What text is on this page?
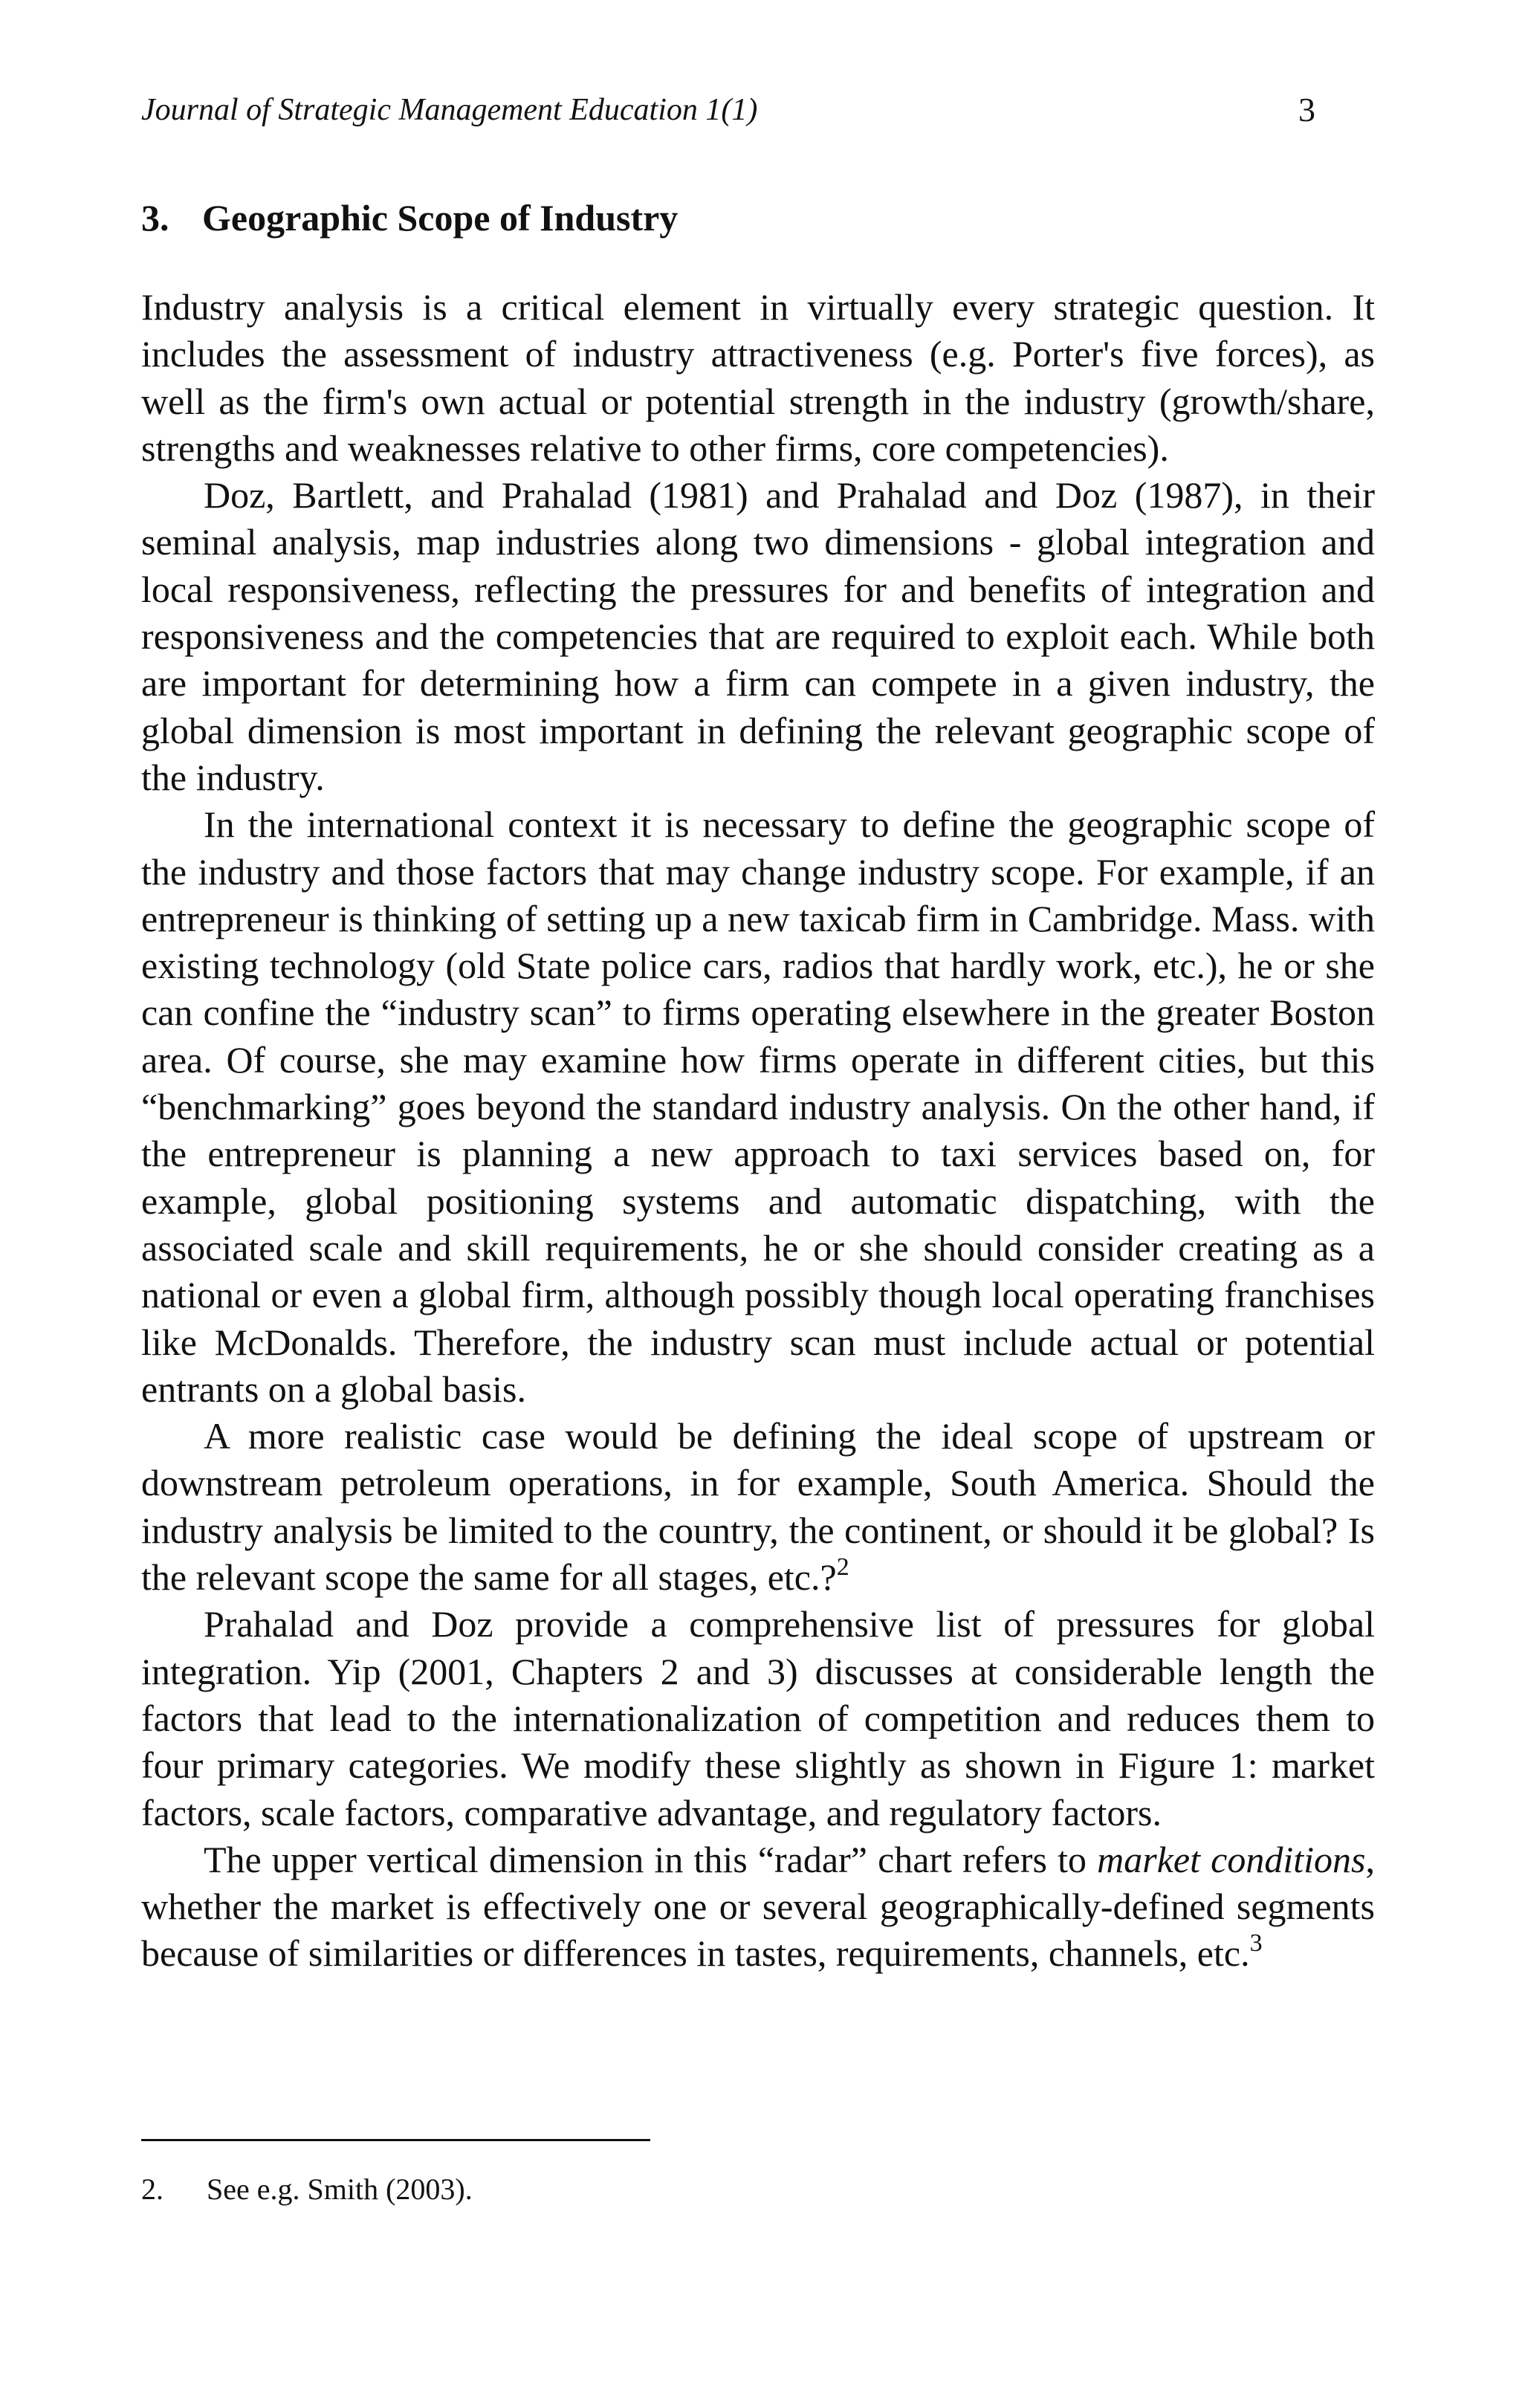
Journal of Strategic Management Education 1(1)	3
3. Geographic Scope of Industry

Industry analysis is a critical element in virtually every strategic question. It includes the assessment of industry attractiveness (e.g. Porter's five forces), as well as the firm's own actual or potential strength in the industry (growth/share, strengths and weaknesses relative to other firms, core competencies).

Doz, Bartlett, and Prahalad (1981) and Prahalad and Doz (1987), in their seminal analysis, map industries along two dimensions - global integration and local responsiveness, reflecting the pressures for and benefits of integration and responsiveness and the competencies that are required to exploit each. While both are important for determining how a firm can compete in a given industry, the global dimension is most important in defining the relevant geographic scope of the industry.

In the international context it is necessary to define the geographic scope of the industry and those factors that may change industry scope. For example, if an entrepreneur is thinking of setting up a new taxicab firm in Cambridge. Mass. with existing technology (old State police cars, radios that hardly work, etc.), he or she can confine the “industry scan” to firms operating elsewhere in the greater Boston area. Of course, she may examine how firms operate in different cities, but this “benchmarking” goes beyond the standard industry analysis. On the other hand, if the entrepreneur is planning a new approach to taxi services based on, for example, global positioning systems and automatic dispatching, with the associated scale and skill requirements, he or she should consider creating as a national or even a global firm, although possibly though local operating franchises like McDonalds. Therefore, the industry scan must include actual or potential entrants on a global basis.

A more realistic case would be defining the ideal scope of upstream or downstream petroleum operations, in for example, South America. Should the industry analysis be limited to the country, the continent, or should it be global? Is the relevant scope the same for all stages, etc.?$^2$

Prahalad and Doz provide a comprehensive list of pressures for global integration. Yip (2001, Chapters 2 and 3) discusses at considerable length the factors that lead to the internationalization of competition and reduces them to four primary categories. We modify these slightly as shown in Figure 1: market factors, scale factors, comparative advantage, and regulatory factors.

The upper vertical dimension in this “radar” chart refers to market conditions, whether the market is effectively one or several geographically-defined segments because of similarities or differences in tastes, requirements, channels, etc.$^3$

2. See e.g. Smith (2003).
